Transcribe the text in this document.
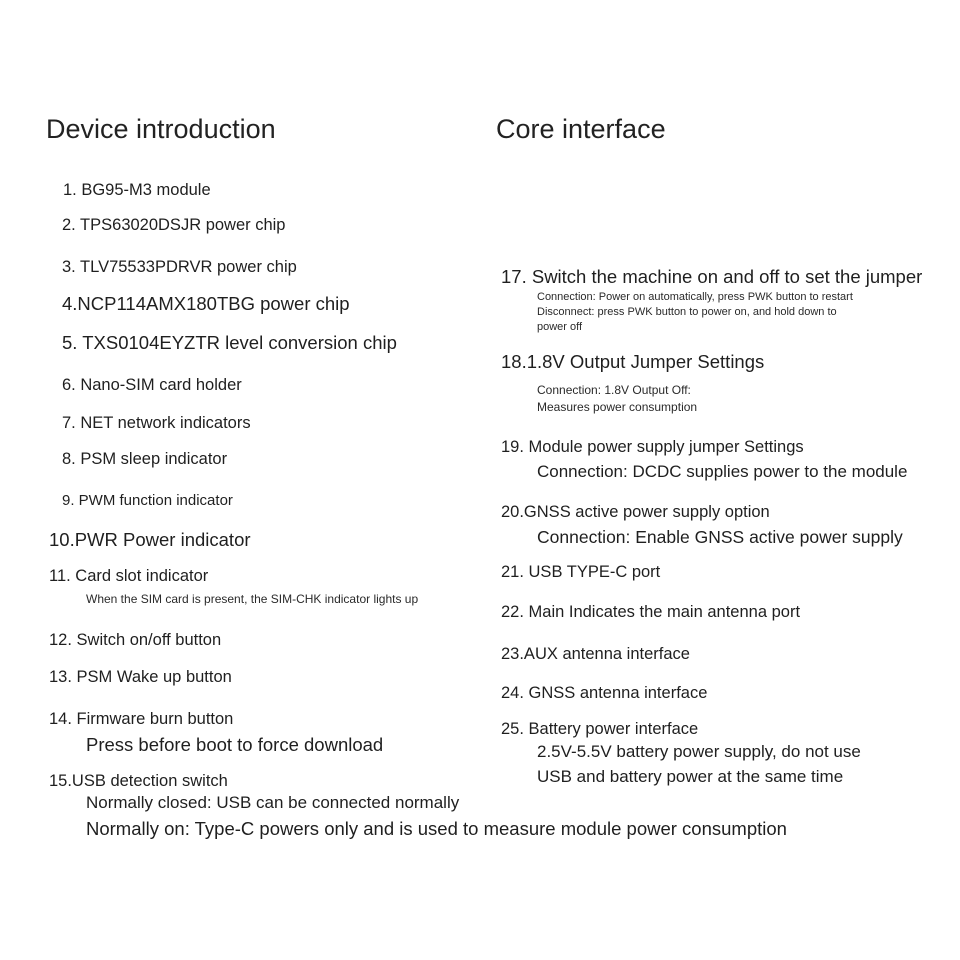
Device introduction
1. BG95-M3 module
2. TPS63020DSJR power chip
3. TLV75533PDRVR power chip
4.NCP114AMX180TBG power chip
5. TXS0104EYZTR level conversion chip
6. Nano-SIM card holder
7. NET network indicators
8. PSM sleep indicator
9. PWM function indicator
10.PWR Power indicator
11. Card slot indicator
When the SIM card is present, the SIM-CHK indicator lights up
12. Switch on/off button
13. PSM Wake up button
14. Firmware burn button
Press before boot to force download
15.USB detection switch
Normally closed: USB can be connected normally
Normally on: Type-C powers only and is used to measure module power consumption
Core interface
17. Switch the machine on and off to set the jumper
Connection: Power on automatically, press PWK button to restart
Disconnect: press PWK button to power on, and hold down to
power off
18.1.8V Output Jumper Settings
Connection: 1.8V Output Off:
Measures power consumption
19. Module power supply jumper Settings
Connection: DCDC supplies power to the module
20.GNSS active power supply option
Connection: Enable GNSS active power supply
21. USB TYPE-C port
22. Main Indicates the main antenna port
23.AUX antenna interface
24. GNSS antenna interface
25. Battery power interface
2.5V-5.5V battery power supply, do not use
USB and battery power at the same time
